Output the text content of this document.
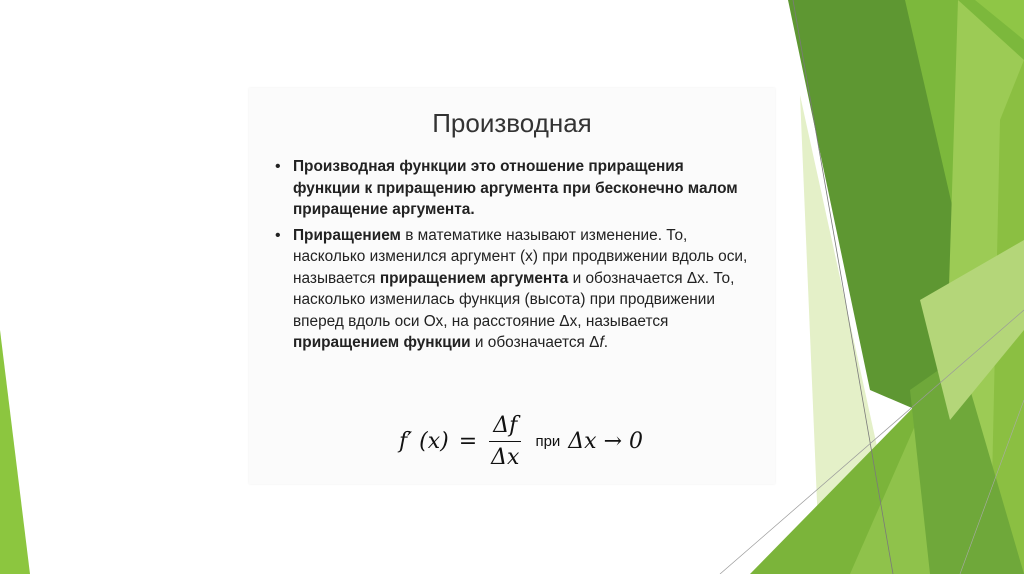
Производная
• Производная функции это отношение приращения функции к приращению аргумента при бесконечно малом приращение аргумента.
• Приращением в математике называют изменение. То, насколько изменился аргумент (х) при продвижении вдоль оси, называется приращением аргумента и обозначается Δx. То, насколько изменилась функция (высота) при продвижении вперед вдоль оси Ох, на расстояние Δx, называется приращением функции и обозначается Δf.
f′ $(x) = \frac{\Delta f}{\Delta x}$ при Δx → 0
